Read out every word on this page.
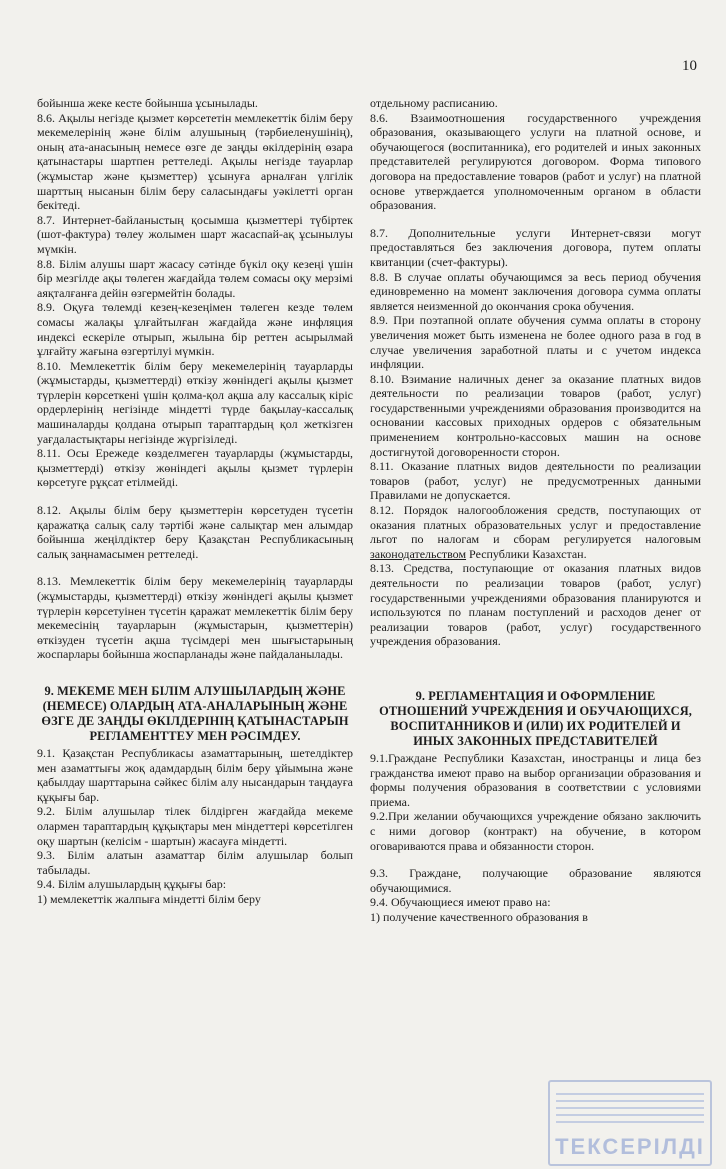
10

бойынша жеке кесте бойынша ұсынылады.

8.6. Ақылы негізде қызмет көрсететін мемлекеттік білім беру мекемелерінің және білім алушының (тәрбиеленушінің), оның ата-анасының немесе өзге де заңды өкілдерінің өзара қатынастары шартпен реттеледі. Ақылы негізде тауарлар (жұмыстар және қызметтер) ұсынуға арналған үлгілік шарттың нысанын білім беру саласындағы уәкілетті орган бекітеді.

8.7. Интернет-байланыстың қосымша қызметтері түбіртек (шот-фактура) төлеу жолымен шарт жасаспай-ақ ұсынылуы мүмкін.

8.8. Білім алушы шарт жасасу сәтінде бүкіл оқу кезеңі үшін бір мезгілде ақы төлеген жағдайда төлем сомасы оқу мерзімі аяқталғанға дейін өзгермейтін болады.

8.9. Оқуға төлемді кезең-кезеңімен төлеген кезде төлем сомасы жалақы ұлғайтылған жағдайда және инфляция индексі ескеріле отырып, жылына бір реттен асырылмай ұлғайту жағына өзгертілуі мүмкін.

8.10. Мемлекеттік білім беру мекемелерінің тауарларды (жұмыстарды, қызметтерді) өткізу жөніндегі ақылы қызмет түрлерін көрсеткені үшін қолма-қол ақша алу кассалық кіріс ордерлерінің негізінде міндетті түрде бақылау-кассалық машиналарды қолдана отырып тараптардың қол жеткізген уағдаластықтары негізінде жүргізіледі.

8.11. Осы Ережеде көзделмеген тауарларды (жұмыстарды, қызметтерді) өткізу жөніндегі ақылы қызмет түрлерін көрсетуге рұқсат етілмейді.

8.12. Ақылы білім беру қызметтерін көрсетуден түсетін қаражатқа салық салу тәртібі және салықтар мен алымдар бойынша жеңілдіктер беру Қазақстан Республикасының салық заңнамасымен реттеледі.

8.13. Мемлекеттік білім беру мекемелерінің тауарларды (жұмыстарды, қызметтерді) өткізу жөніндегі ақылы қызмет түрлерін көрсетуінен түсетін қаражат мемлекеттік білім беру мекемесінің тауарларын (жұмыстарын, қызметтерін) өткізуден түсетін ақша түсімдері мен шығыстарының жоспарлары бойынша жоспарланады және пайдаланылады.

9. МЕКЕМЕ МЕН БІЛІМ АЛУШЫЛАРДЫҢ ЖӘНЕ (НЕМЕСЕ) ОЛАРДЫҢ АТА-АНАЛАРЫНЫҢ ЖӘНЕ ӨЗГЕ ДЕ ЗАҢДЫ ӨКІЛДЕРІНІҢ ҚАТЫНАСТАРЫН РЕГЛАМЕНТТЕУ МЕН РӘСІМДЕУ.

9.1. Қазақстан Республикасы азаматтарының, шетелдіктер мен азаматтығы жоқ адамдардың білім беру ұйымына және қабылдау шарттарына сәйкес білім алу нысандарын таңдауға құқығы бар.

9.2. Білім алушылар тілек білдірген жағдайда мекеме олармен тараптардың құқықтары мен міндеттері көрсетілген оқу шартын (келісім - шартын) жасауға міндетті.

9.3. Білім алатын азаматтар білім алушылар болып табылады.

9.4. Білім алушылардың құқығы бар:

1) мемлекеттік жалпыға міндетті білім беру

отдельному расписанию.

8.6. Взаимоотношения государственного учреждения образования, оказывающего услуги на платной основе, и обучающегося (воспитанника), его родителей и иных законных представителей регулируются договором. Форма типового договора на предоставление товаров (работ и услуг) на платной основе утверждается уполномоченным органом в области образования.

8.7. Дополнительные услуги Интернет-связи могут предоставляться без заключения договора, путем оплаты квитанции (счет-фактуры).

8.8. В случае оплаты обучающимся за весь период обучения единовременно на момент заключения договора сумма оплаты является неизменной до окончания срока обучения.

8.9. При поэтапной оплате обучения сумма оплаты в сторону увеличения может быть изменена не более одного раза в год в случае увеличения заработной платы и с учетом индекса инфляции.

8.10. Взимание наличных денег за оказание платных видов деятельности по реализации товаров (работ, услуг) государственными учреждениями образования производится на основании кассовых приходных ордеров с обязательным применением контрольно-кассовых машин на основе достигнутой договоренности сторон.

8.11. Оказание платных видов деятельности по реализации товаров (работ, услуг) не предусмотренных данными Правилами не допускается.

8.12. Порядок налогообложения средств, поступающих от оказания платных образовательных услуг и предоставление льгот по налогам и сборам регулируется налоговым законодательством Республики Казахстан.

8.13. Средства, поступающие от оказания платных видов деятельности по реализации товаров (работ, услуг) государственными учреждениями образования планируются и используются по планам поступлений и расходов денег от реализации товаров (работ, услуг) государственного учреждения образования.

9. РЕГЛАМЕНТАЦИЯ И ОФОРМЛЕНИЕ ОТНОШЕНИЙ УЧРЕЖДЕНИЯ И ОБУЧАЮЩИХСЯ, ВОСПИТАННИКОВ И (ИЛИ) ИХ РОДИТЕЛЕЙ И ИНЫХ ЗАКОННЫХ ПРЕДСТАВИТЕЛЕЙ

9.1.Граждане Республики Казахстан, иностранцы и лица без гражданства имеют право на выбор организации образования и формы получения образования в соответствии с условиями приема.

9.2.При желании обучающихся учреждение обязано заключить с ними договор (контракт) на обучение, в котором оговариваются права и обязанности сторон.

9.3. Граждане, получающие образование являются обучающимися.

9.4. Обучающиеся имеют право на:

1) получение качественного образования в

ТЕКСЕРІЛДІ
